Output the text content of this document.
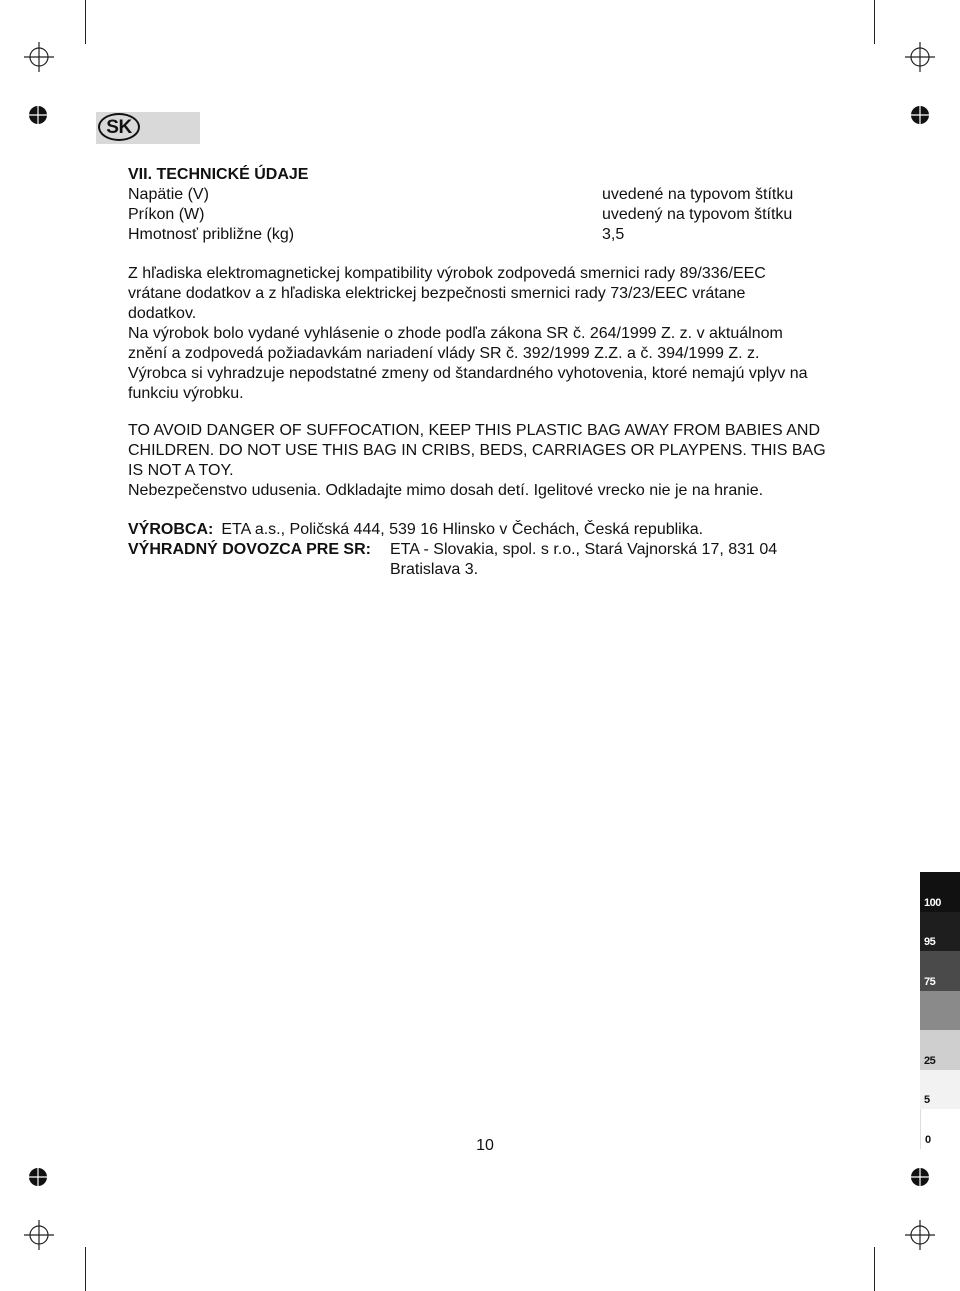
SK
VII. TECHNICKÉ ÚDAJE
Napätie (V)	uvedené na typovom štítku
Príkon (W)	uvedený na typovom štítku
Hmotnosť približne (kg)	3,5

Z hľadiska elektromagnetickej kompatibility výrobok zodpovedá smernici rady 89/336/EEC vrátane dodatkov a z hľadiska elektrickej bezpečnosti smernici rady 73/23/EEC vrátane dodatkov.

Na výrobok bolo vydané vyhlásenie o zhode podľa zákona SR č. 264/1999 Z. z. v aktuálnom znění a zodpovedá požiadavkám nariadení vlády SR č. 392/1999 Z.Z. a č. 394/1999 Z. z.

Výrobca si vyhradzuje nepodstatné zmeny od štandardného vyhotovenia, ktoré nemajú vplyv na funkciu výrobku.

TO AVOID DANGER OF SUFFOCATION, KEEP THIS PLASTIC BAG AWAY FROM BABIES AND CHILDREN. DO NOT USE THIS BAG IN CRIBS, BEDS, CARRIAGES OR PLAYPENS. THIS BAG IS NOT A TOY.

Nebezpečenstvo udusenia. Odkladajte mimo dosah detí. Igelitové vrecko nie je na hranie.

VÝROBCA: ETA a.s., Poličská 444, 539 16 Hlinsko v Čechách, Česká republika.
VÝHRADNÝ DOVOZCA PRE SR:	ETA - Slovakia, spol. s r.o., Stará Vajnorská 17, 831 04 Bratislava 3.
10
100
95
75
25
5
0
